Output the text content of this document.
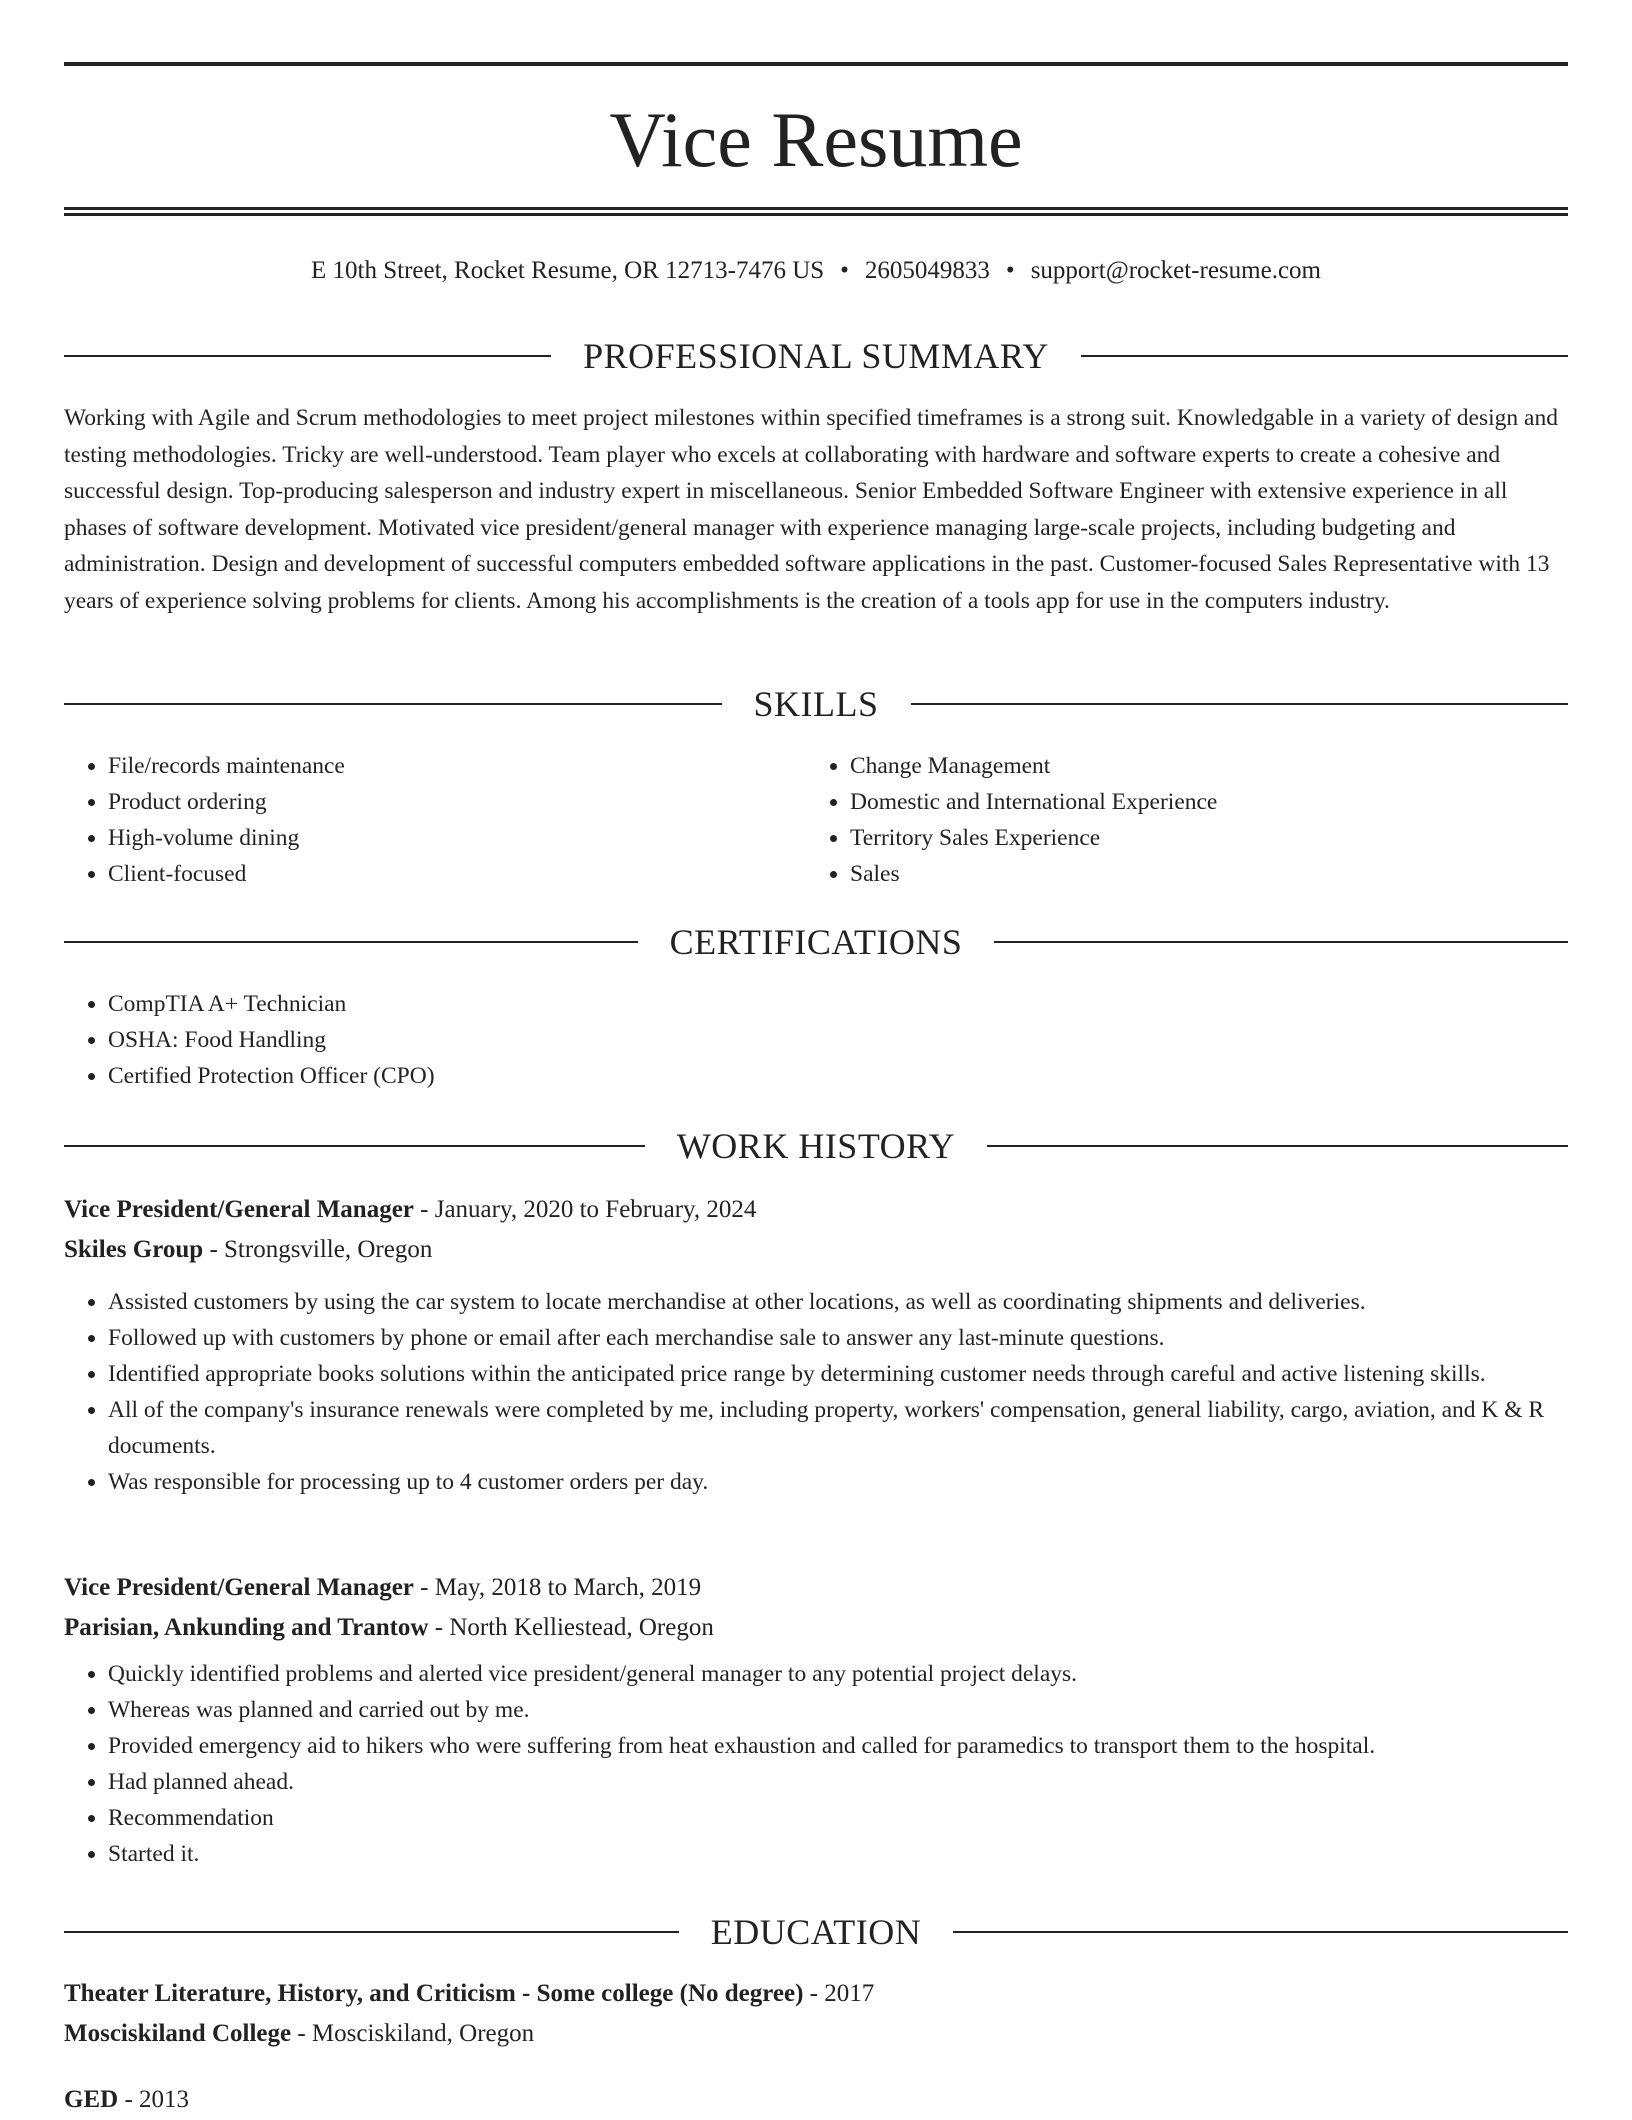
Vice Resume
E 10th Street, Rocket Resume, OR 12713-7476 US • 2605049833 • support@rocket-resume.com
PROFESSIONAL SUMMARY

Working with Agile and Scrum methodologies to meet project milestones within specified timeframes is a strong suit. Knowledgable in a variety of design and testing methodologies. Tricky are well-understood. Team player who excels at collaborating with hardware and software experts to create a cohesive and successful design. Top-producing salesperson and industry expert in miscellaneous. Senior Embedded Software Engineer with extensive experience in all phases of software development. Motivated vice president/general manager with experience managing large-scale projects, including budgeting and administration. Design and development of successful computers embedded software applications in the past. Customer-focused Sales Representative with 13 years of experience solving problems for clients. Among his accomplishments is the creation of a tools app for use in the computers industry.

SKILLS
• File/records maintenance
• Product ordering
• High-volume dining
• Client-focused
• Change Management
• Domestic and International Experience
• Territory Sales Experience
• Sales
CERTIFICATIONS
• CompTIA A+ Technician
• OSHA: Food Handling
• Certified Protection Officer (CPO)
WORK HISTORY
Vice President/General Manager - January, 2020 to February, 2024
Skiles Group - Strongsville, Oregon
• Assisted customers by using the car system to locate merchandise at other locations, as well as coordinating shipments and deliveries.
• Followed up with customers by phone or email after each merchandise sale to answer any last-minute questions.
• Identified appropriate books solutions within the anticipated price range by determining customer needs through careful and active listening skills.
• All of the company's insurance renewals were completed by me, including property, workers' compensation, general liability, cargo, aviation, and K & R documents.
• Was responsible for processing up to 4 customer orders per day.
Vice President/General Manager - May, 2018 to March, 2019
Parisian, Ankunding and Trantow - North Kelliestead, Oregon
• Quickly identified problems and alerted vice president/general manager to any potential project delays.
• Whereas was planned and carried out by me.
• Provided emergency aid to hikers who were suffering from heat exhaustion and called for paramedics to transport them to the hospital.
• Had planned ahead.
• Recommendation
• Started it.
EDUCATION
Theater Literature, History, and Criticism - Some college (No degree) - 2017
Mosciskiland College - Mosciskiland, Oregon
GED - 2013
